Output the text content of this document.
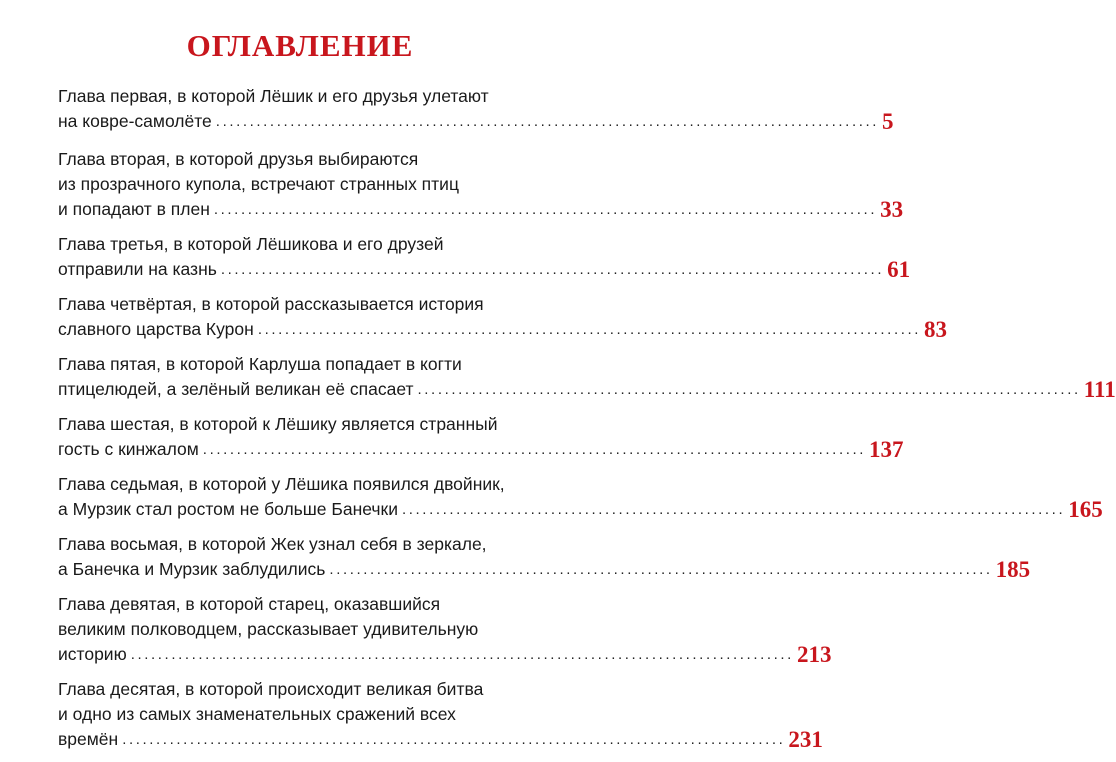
ОГЛАВЛЕНИЕ
Глава первая, в которой Лёшик и его друзья улетают
на ковре-самолёте .................................................................................................. 5
Глава вторая, в которой друзья выбираются
из прозрачного купола, встречают странных птиц
и попадают в плен .................................................................................................. 33
Глава третья, в которой Лёшикова и его друзей
отправили на казнь .................................................................................................. 61
Глава четвёртая, в которой рассказывается история
славного царства Курон .................................................................................................. 83
Глава пятая, в которой Карлуша попадает в когти
птицелюдей, а зелёный великан её спасает .................................................................................................. 111
Глава шестая, в которой к Лёшику является странный
гость с кинжалом .................................................................................................. 137
Глава седьмая, в которой у Лёшика появился двойник,
а Мурзик стал ростом не больше Банечки .................................................................................................. 165
Глава восьмая, в которой Жек узнал себя в зеркале,
а Банечка и Мурзик заблудились .................................................................................................. 185
Глава девятая, в которой старец, оказавшийся
великим полководцем, рассказывает удивительную
историю .................................................................................................. 213
Глава десятая, в которой происходит великая битва
и одно из самых знаменательных сражений всех
времён .................................................................................................. 231
